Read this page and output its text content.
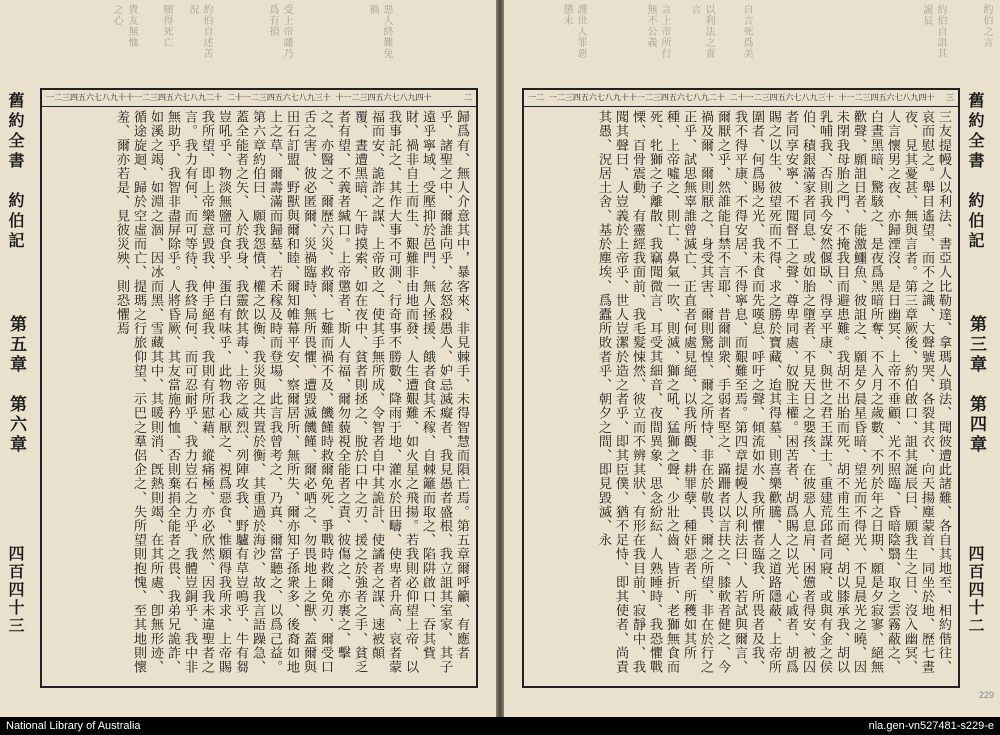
貴友無恤
之心	願得死亡	約伯自述苦
況	受上帝譴乃
爲有損	惡人終難免
禍
舊約全書　約伯記
第五章　第六章
四百四十三
一二三四五六七八九十十一二三四五六七八九二十 二十一二三四五六七八九三十 十一二三四五六七八九四十	二

歸爲有、無人介意其中，暴客來、非見棘手、未得智慧而隕亡焉。第五章爾呼籲、有應者乎、諸聖之中、爾誰向乎、忿怒殺愚人、妒忌滅癡者、我見愚者盛根、我立詛其室家、其子遠乎寧域、受壓抑於邑門、無人拯援、餓者食其禾稼、自棘籬而取之、陷阱啟口、吞其貲財、禍非自土而生、艱難非由地而發、人生遭艱難、如火星之飛揚。若我則必仰望上帝、以我事託之、其作大事不可測、行奇事不勝數、降雨于地、灌水於田疇、使卑者升高、哀者蒙福而安、詭詐之謀、上帝敗之、使其手無所成、令智者自中其詭計、使譎者之謀、速被顛覆、晝遭黑暗、午時摸索、如在夜中、貧者則拯之、脫於口中之刃、援之於強者之手、貧乏者有望、不義者緘口。上帝懲者、斯人有福、爾勿藐視全能者之責、彼傷之、亦裹之、擊之、亦醫之、爾歷六災、救爾、七難而禍不及、饑饉時救爾免死、爭戰時救爾免刃、爾受口舌之害、彼必匿爾、災禍臨時、無所畏懼、遭毀滅饑饉、爾必哂之、勿畏地上之獸、蓋爾與田石訂盟、野獸與爾和睦、爾知帷幕平安、察爾居所、無所失、爾亦知子孫衆多、後裔如地上之草、爾壽滿而歸墓、若禾稼及時而登場、此言我曾考之、乃真、爾當聽之、以爲己益。第六章約伯曰、願我怨憤、權之以衡、我災與之共置於衡、其重過於海沙、故我言語躁急、蓋全能者之矢、入於我身、我靈飲其毒、上帝之威烈、列陣攻我、野驢有草豈鳴乎、牛有芻豈吼乎、物淡無鹽可食乎、蛋白有味乎、此物我心厭之、視爲惡食、惟願得我所求、上帝賜我所望、即上帝樂意毀我、伸手絕我、我則有所慰藉、縱痛極、亦必欣然、因我未違聖者之言。我力有何、而可等待、我終局何、而可忍耐乎、我力豈石之力乎、我體豈銅乎、我中非無助乎、我智非盡屏除乎。人將昏厥、其友當施矜恤、否則棄捐全能者之畏、我弟兄詭詐、如溪之竭、如淵之涸、因冰而黑、雪藏其中、其暖則消、旣熱則竭、在其所處、卽無形迹、循途旋迴、歸於空虛而亡、提瑪之行旅仰望、示巴之羣侶企之、失所望則抱愧、至其地則懷羞、爾亦若是、見彼災殃、則恐懼焉

約伯之言
約伯自詛其
誕辰
自言死爲美
以利法之責
言
言上帝所行
無不公義
護世人罪惡
懲末
舊約全書　約伯記
第三章　第四章
四百四十二
一二 一二三四五六七八九十十一二三四五六七八九二十 二十一二三四五六七八九三十 十一二三四五六七八九四十 三

三友提幔人以利法、書亞人比勒達、拿瑪人瑣法、聞彼遭此諸難、各自其地至、相約偕往、哀而慰之。舉目遙望、而不之識、大聲號哭、各裂其衣、向天揚塵蒙首、同坐於地、歷七晝夜、見其憂甚、無與言者。第三章厥後、約伯啟口、詛其誕辰曰、願我生之日、沒入幽冥、人言懷男之夜、亦歸湮沒、是日幽冥、上帝不垂顧、光不照臨、昏暗陰翳、取之雲霧蔽之、白晝黑暗、驚駭之、是夜爲黑暗所奪、不入月之歲數、不列於年之日期、願是夕寂寥、絕無歡聲、願詛日者、能激鱷魚、彼詛之、願是夕晨星昏暗、望光而不得光、不見晨光之曉、因未閉我母胎之門、不掩我目而避患難。我胡不出胎而死、胡不甫生而絕、胡以膝承我、胡以乳哺我、否則我今安然偃臥、得享平康、與世之君王謀士、重建荒邱者同寢、或與有金之侯伯、積銀滿家者同息、或如胎之墮者、不見天日之嬰孩、在彼惡人息肩、困憊者得安、被囚者同享安寧、不聞督工之聲、尊卑同處、奴脫主權。困苦者、胡爲賜之以光、心戚者、胡爲賜之以生、彼望死而不得、求之勝於寶藏、迨其得墓、則喜樂歡騰、人之道路隱蔽、上帝所圍者、何爲賜之光、我未食而先嘆息、呼吁之聲、傾流如水、我所懼者臨我、所畏者及我、我不得平康、不得安居、不得寧息、而艱難至焉。第四章提幔人以利法曰、人若試與爾言、爾厭之乎、然誰能自禁不言耶、昔爾訓衆、手弱者堅之、蹣跚者以言扶之、膝軟者健之、今禍及爾、爾則厭之、身受其害、爾則驚惶、爾之所恃、非在於敬畏、爾之所望、非在於行之正乎、試思無辜誰曾滅亡、正直者何處見絕、以我所觀、耕罪孽、種奸惡者、所穫如其所種、上帝噓之、則亡、鼻氣一吹、則滅、獅之吼、猛獅之聲、少壯之齒、皆折、老獅無食而死、牝獅之子離散、我竊聞微言、耳受其細音、夜間異象、思念紛紜、人熟睡時、我恐懼戰慄、百骨震動、有靈經我面前、我毛髮悚然、彼立而不辨其狀、有形在我目前、寂靜中、我聞其聲曰、人豈義於上帝乎、世人豈潔於造之者乎、即其臣僕、猶不足恃、即其使者、尚責其愚、況居土舍、基於塵埃、爲蠹所敗者乎、朝夕之間、即見毀滅、永

229
National Library of Australia	nla.gen-vn527481-s229-e
